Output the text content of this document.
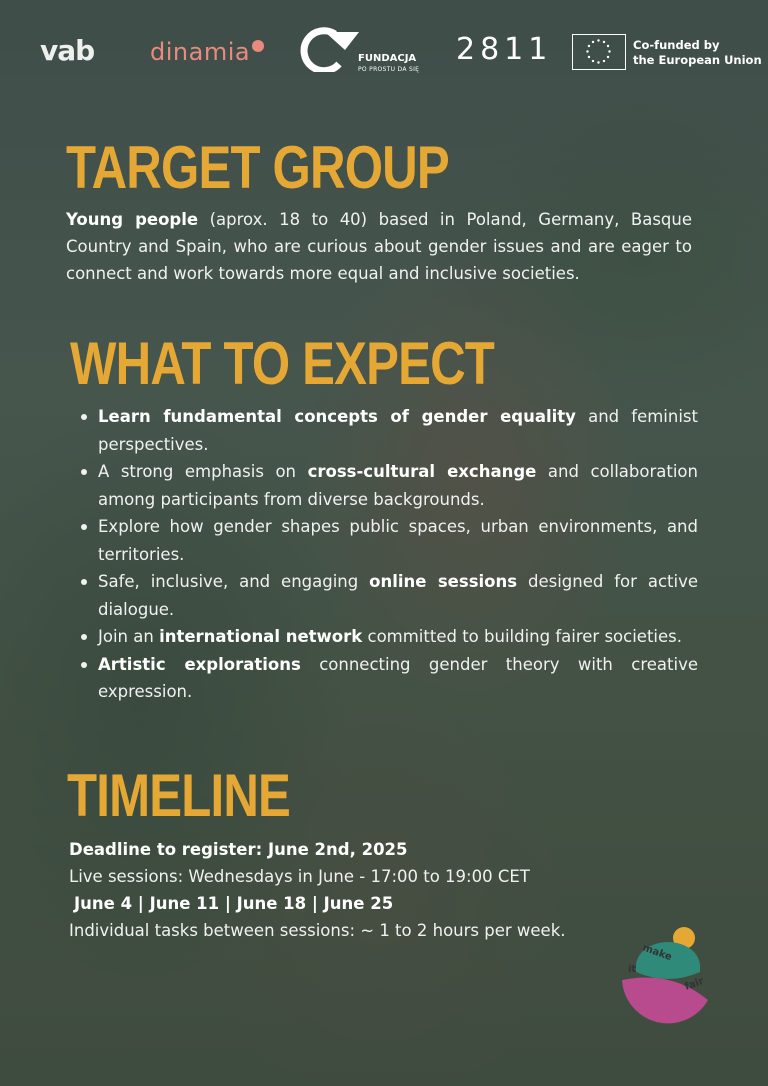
vab dinamia	FUNDACJA
PO PROSTU DA SIĘ
2811	Co-funded by
the European Union
TARGET GROUP

Young people (aprox. 18 to 40) based in Poland, Germany, Basque Country and Spain, who are curious about gender issues and are eager to connect and work towards more equal and inclusive societies.

WHAT TO EXPECT
Learn fundamental concepts of gender equality and feminist perspectives.
A strong emphasis on cross-cultural exchange and collaboration among participants from diverse backgrounds.
Explore how gender shapes public spaces, urban environments, and territories.
Safe, inclusive, and engaging online sessions designed for active dialogue.
Join an international network committed to building fairer societies.
Artistic explorations connecting gender theory with creative expression.
TIMELINE
Deadline to register: June 2nd, 2025
Live sessions: Wednesdays in June - 17:00 to 19:00 CET
June 4 | June 11 | June 18 | June 25
Individual tasks between sessions: ~ 1 to 2 hours per week.
make
it
fair
